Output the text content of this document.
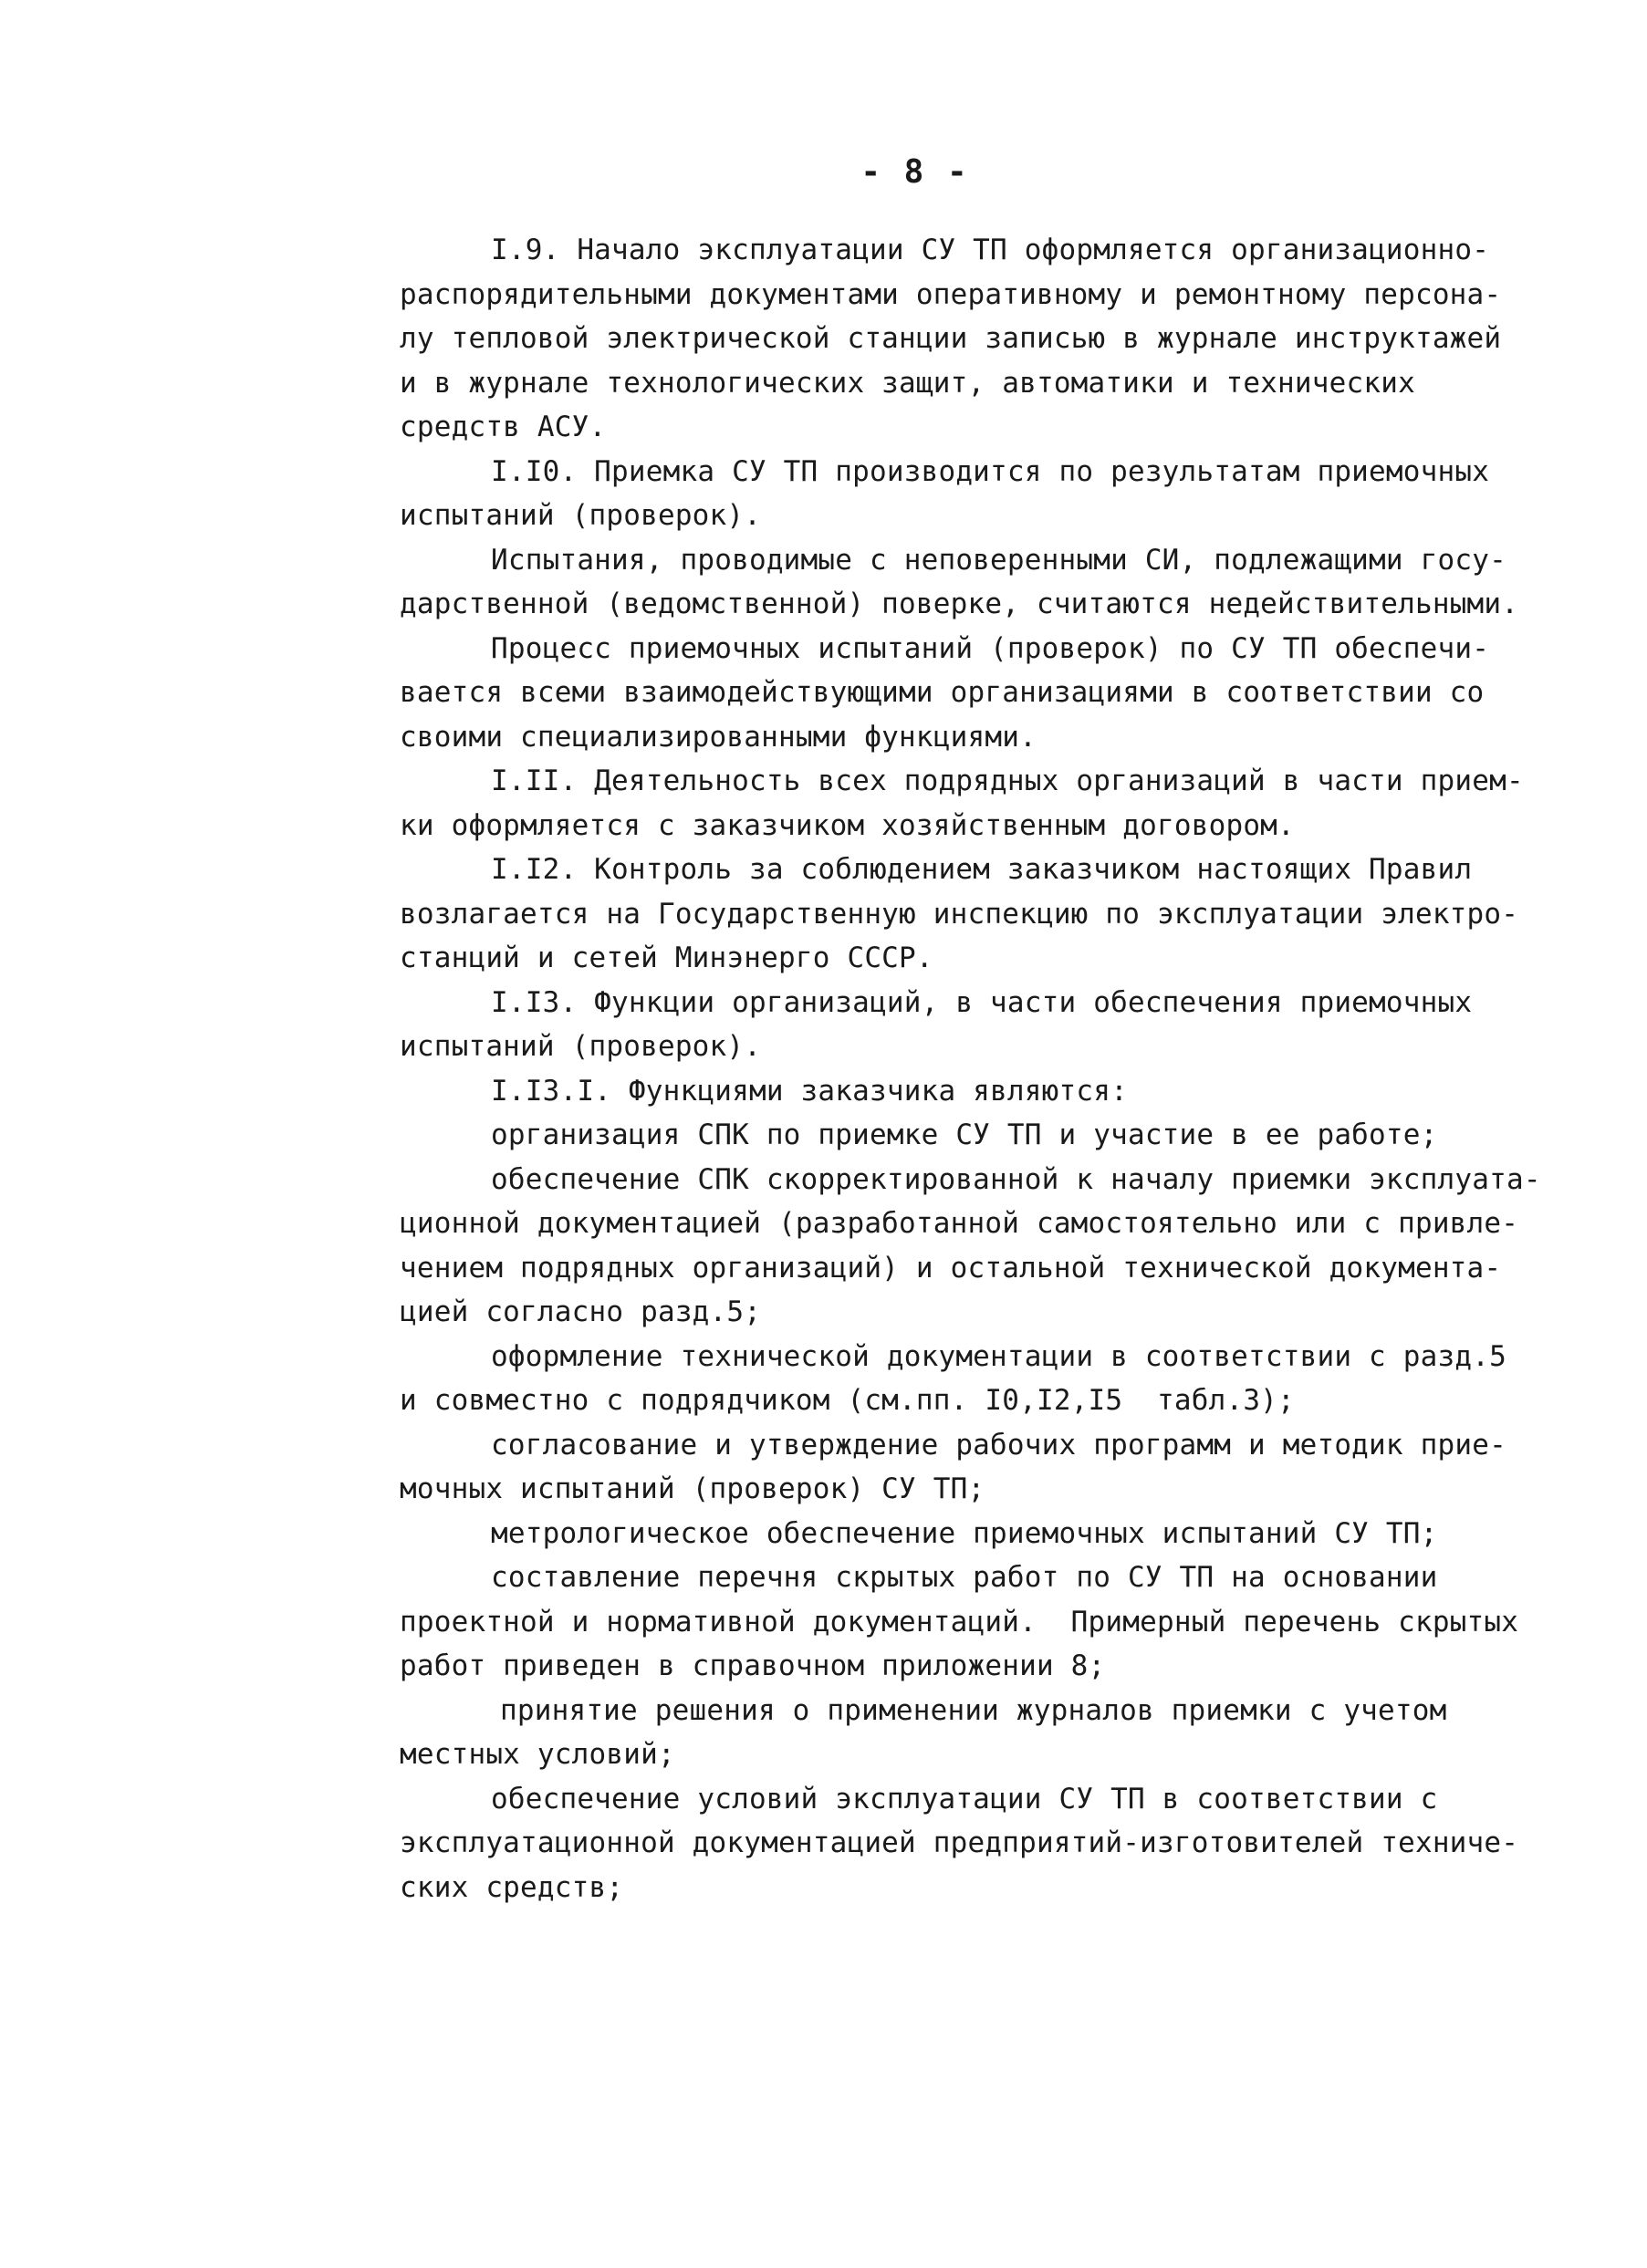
- 8 -
I.9. Начало эксплуатации СУ ТП оформляется организационно-
распорядительными документами оперативному и ремонтному персона-
лу тепловой электрической станции записью в журнале инструктажей
и в журнале технологических защит, автоматики и технических
средств АСУ.
I.I0. Приемка СУ ТП производится по результатам приемочных
испытаний (проверок).
Испытания, проводимые с неповеренными СИ, подлежащими госу-
дарственной (ведомственной) поверке, считаются недействительными.
Процесс приемочных испытаний (проверок) по СУ ТП обеспечи-
вается всеми взаимодействующими организациями в соответствии со
своими специализированными функциями.
I.II. Деятельность всех подрядных организаций в части прием-
ки оформляется с заказчиком хозяйственным договором.
I.I2. Контроль за соблюдением заказчиком настоящих Правил
возлагается на Государственную инспекцию по эксплуатации электро-
станций и сетей Минэнерго СССР.
I.I3. Функции организаций, в части обеспечения приемочных
испытаний (проверок).
I.I3.I. Функциями заказчика являются:
организация СПК по приемке СУ ТП и участие в ее работе;
обеспечение СПК скорректированной к началу приемки эксплуата-
ционной документацией (разработанной самостоятельно или с привле-
чением подрядных организаций) и остальной технической документа-
цией согласно разд.5;
оформление технической документации в соответствии с разд.5
и совместно с подрядчиком (см.пп. I0,I2,I5  табл.3);
согласование и утверждение рабочих программ и методик прие-
мочных испытаний (проверок) СУ ТП;
метрологическое обеспечение приемочных испытаний СУ ТП;
составление перечня скрытых работ по СУ ТП на основании
проектной и нормативной документаций.  Примерный перечень скрытых
работ приведен в справочном приложении 8;
принятие решения о применении журналов приемки с учетом
местных условий;
обеспечение условий эксплуатации СУ ТП в соответствии с
эксплуатационной документацией предприятий-изготовителей техниче-
ских средств;
